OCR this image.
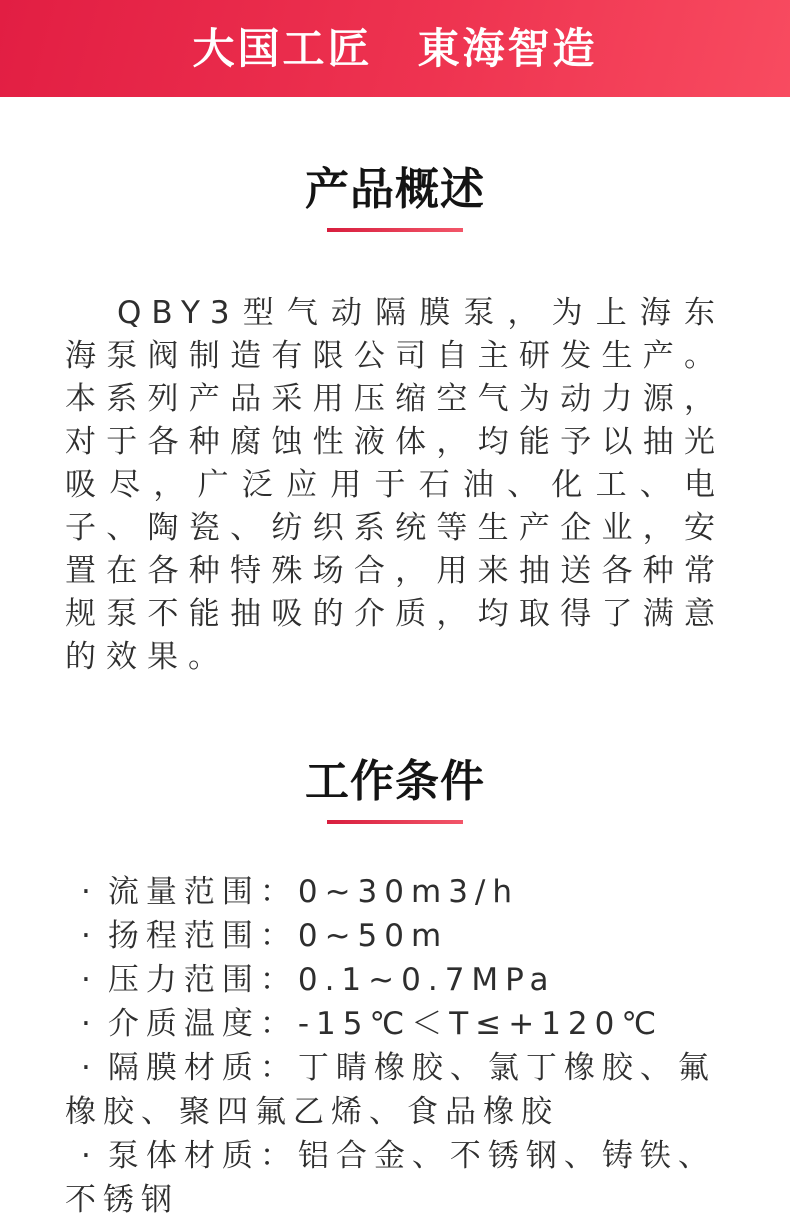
大国工匠　東海智造
产品概述

QBY3型气动隔膜泵，为上海东海泵阀制造有限公司自主研发生产。本系列产品采用压缩空气为动力源，对于各种腐蚀性液体，均能予以抽光吸尽，广泛应用于石油、化工、电子、陶瓷、纺织系统等生产企业，安置在各种特殊场合，用来抽送各种常规泵不能抽吸的介质，均取得了满意的效果。

工作条件
· 流量范围：0~30m3/h
· 扬程范围：0~50m
· 压力范围：0.1~0.7MPa
· 介质温度：-15℃＜T≤+120℃
· 隔膜材质：丁睛橡胶、氯丁橡胶、氟橡胶、聚四氟乙烯、食品橡胶
· 泵体材质：铝合金、不锈钢、铸铁、不锈钢
